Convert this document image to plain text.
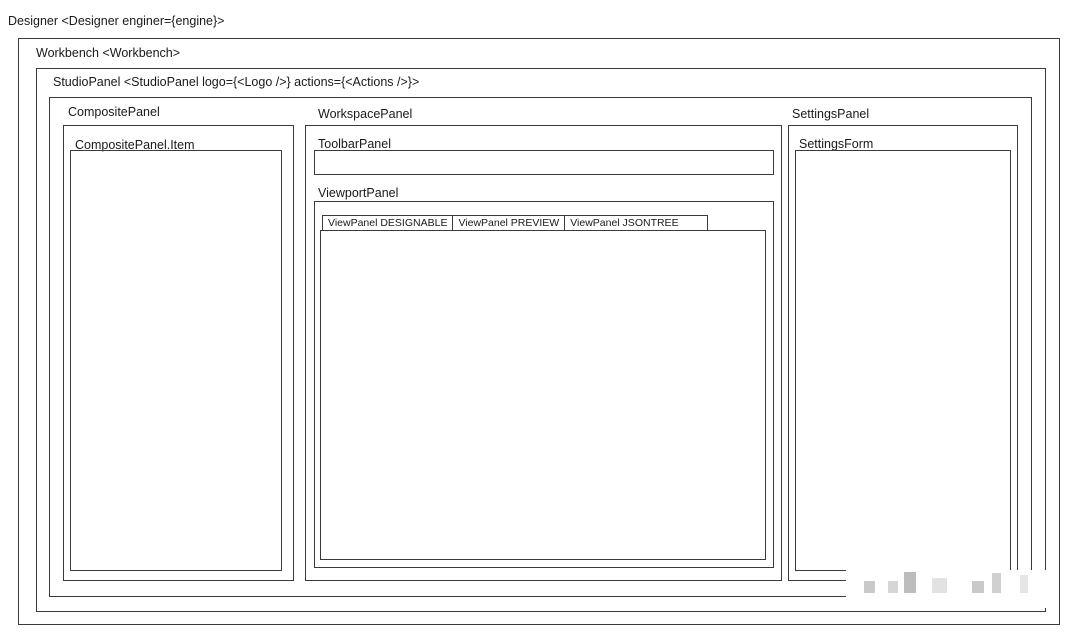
Designer <Designer enginer={engine}>
Workbench <Workbench>
StudioPanel <StudioPanel logo={<Logo />} actions={<Actions />}>
CompositePanel
CompositePanel.Item
WorkspacePanel
ToolbarPanel
ViewportPanel
ViewPanel DESIGNABLE	ViewPanel PREVIEW	ViewPanel JSONTREE
SettingsPanel
SettingsForm
